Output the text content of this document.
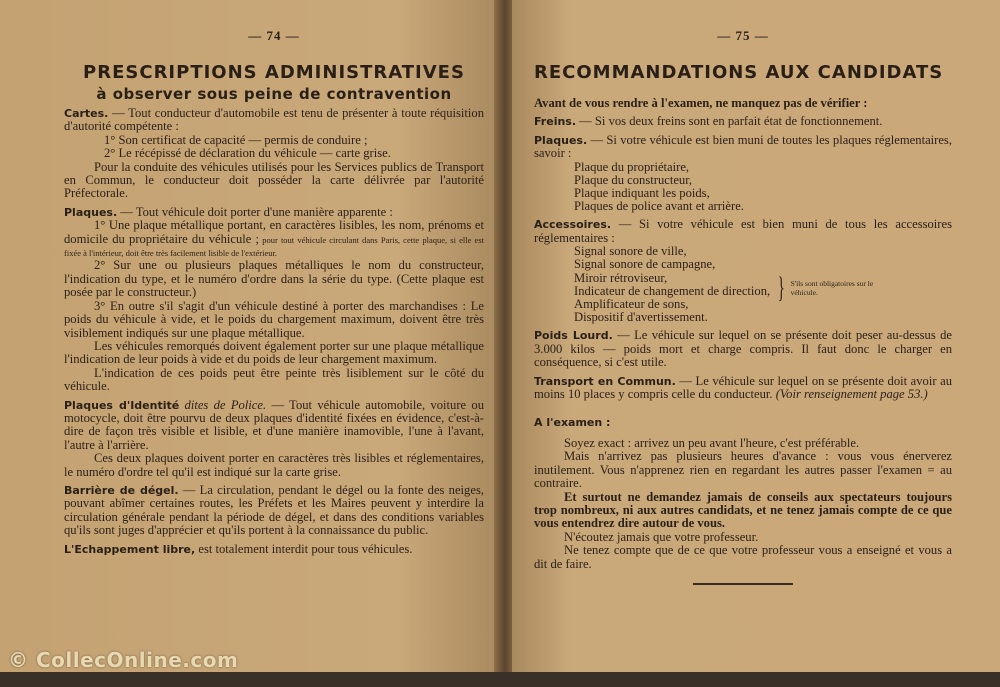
— 74 —
PRESCRIPTIONS ADMINISTRATIVES
à observer sous peine de contravention

Cartes. — Tout conducteur d'automobile est tenu de présenter à toute réquisition d'autorité compétente :

1° Son certificat de capacité — permis de conduire ;

2° Le récépissé de déclaration du véhicule — carte grise.

Pour la conduite des véhicules utilisés pour les Services publics de Transport en Commun, le conducteur doit posséder la carte délivrée par l'autorité Préfectorale.

Plaques. — Tout véhicule doit porter d'une manière apparente :

1° Une plaque métallique portant, en caractères lisibles, les nom, prénoms et domicile du propriétaire du véhicule ; pour tout véhicule circulant dans Paris, cette plaque, si elle est fixée à l'intérieur, doit être très facilement lisible de l'extérieur.

2° Sur une ou plusieurs plaques métalliques le nom du constructeur, l'indication du type, et le numéro d'ordre dans la série du type. (Cette plaque est posée par le constructeur.)

3° En outre s'il s'agit d'un véhicule destiné à porter des marchandises : Le poids du véhicule à vide, et le poids du chargement maximum, doivent être très visiblement indiqués sur une plaque métallique.

Les véhicules remorqués doivent également porter sur une plaque métallique l'indication de leur poids à vide et du poids de leur chargement maximum.

L'indication de ces poids peut être peinte très lisiblement sur le côté du véhicule.

Plaques d'Identité dites de Police. — Tout véhicule automobile, voiture ou motocycle, doit être pourvu de deux plaques d'identité fixées en évidence, c'est-à-dire de façon très visible et lisible, et d'une manière inamovible, l'une à l'avant, l'autre à l'arrière.

Ces deux plaques doivent porter en caractères très lisibles et réglementaires, le numéro d'ordre tel qu'il est indiqué sur la carte grise.

Barrière de dégel. — La circulation, pendant le dégel ou la fonte des neiges, pouvant abîmer certaines routes, les Préfets et les Maires peuvent y interdire la circulation générale pendant la période de dégel, et dans des conditions variables qu'ils sont juges d'apprécier et qu'ils portent à la connaissance du public.

L'Echappement libre, est totalement interdit pour tous véhicules.

— 75 —
RECOMMANDATIONS AUX CANDIDATS

Avant de vous rendre à l'examen, ne manquez pas de vérifier :

Freins. — Si vos deux freins sont en parfait état de fonctionnement.

Plaques. — Si votre véhicule est bien muni de toutes les plaques réglementaires, savoir :

Plaque du propriétaire,
Plaque du constructeur,
Plaque indiquant les poids,
Plaques de police avant et arrière.

Accessoires. — Si votre véhicule est bien muni de tous les accessoires réglementaires :

Signal sonore de ville,
Signal sonore de campagne,
Miroir rétroviseur,
Indicateur de changement de direction,
Amplificateur de sons,
Dispositif d'avertissement.
} S'ils sont obligatoires sur le véhicule.

Poids Lourd. — Le véhicule sur lequel on se présente doit peser au-dessus de 3.000 kilos — poids mort et charge compris. Il faut donc le charger en conséquence, si c'est utile.

Transport en Commun. — Le véhicule sur lequel on se présente doit avoir au moins 10 places y compris celle du conducteur. (Voir renseignement page 53.)

A l'examen :

Soyez exact : arrivez un peu avant l'heure, c'est préférable.

Mais n'arrivez pas plusieurs heures d'avance : vous vous énerverez inutilement. Vous n'apprenez rien en regardant les autres passer l'examen = au contraire.

Et surtout ne demandez jamais de conseils aux spectateurs toujours trop nombreux, ni aux autres candidats, et ne tenez jamais compte de ce que vous entendrez dire autour de vous.

N'écoutez jamais que votre professeur.

Ne tenez compte que de ce que votre professeur vous a enseigné et vous a dit de faire.

© CollecOnline.com
